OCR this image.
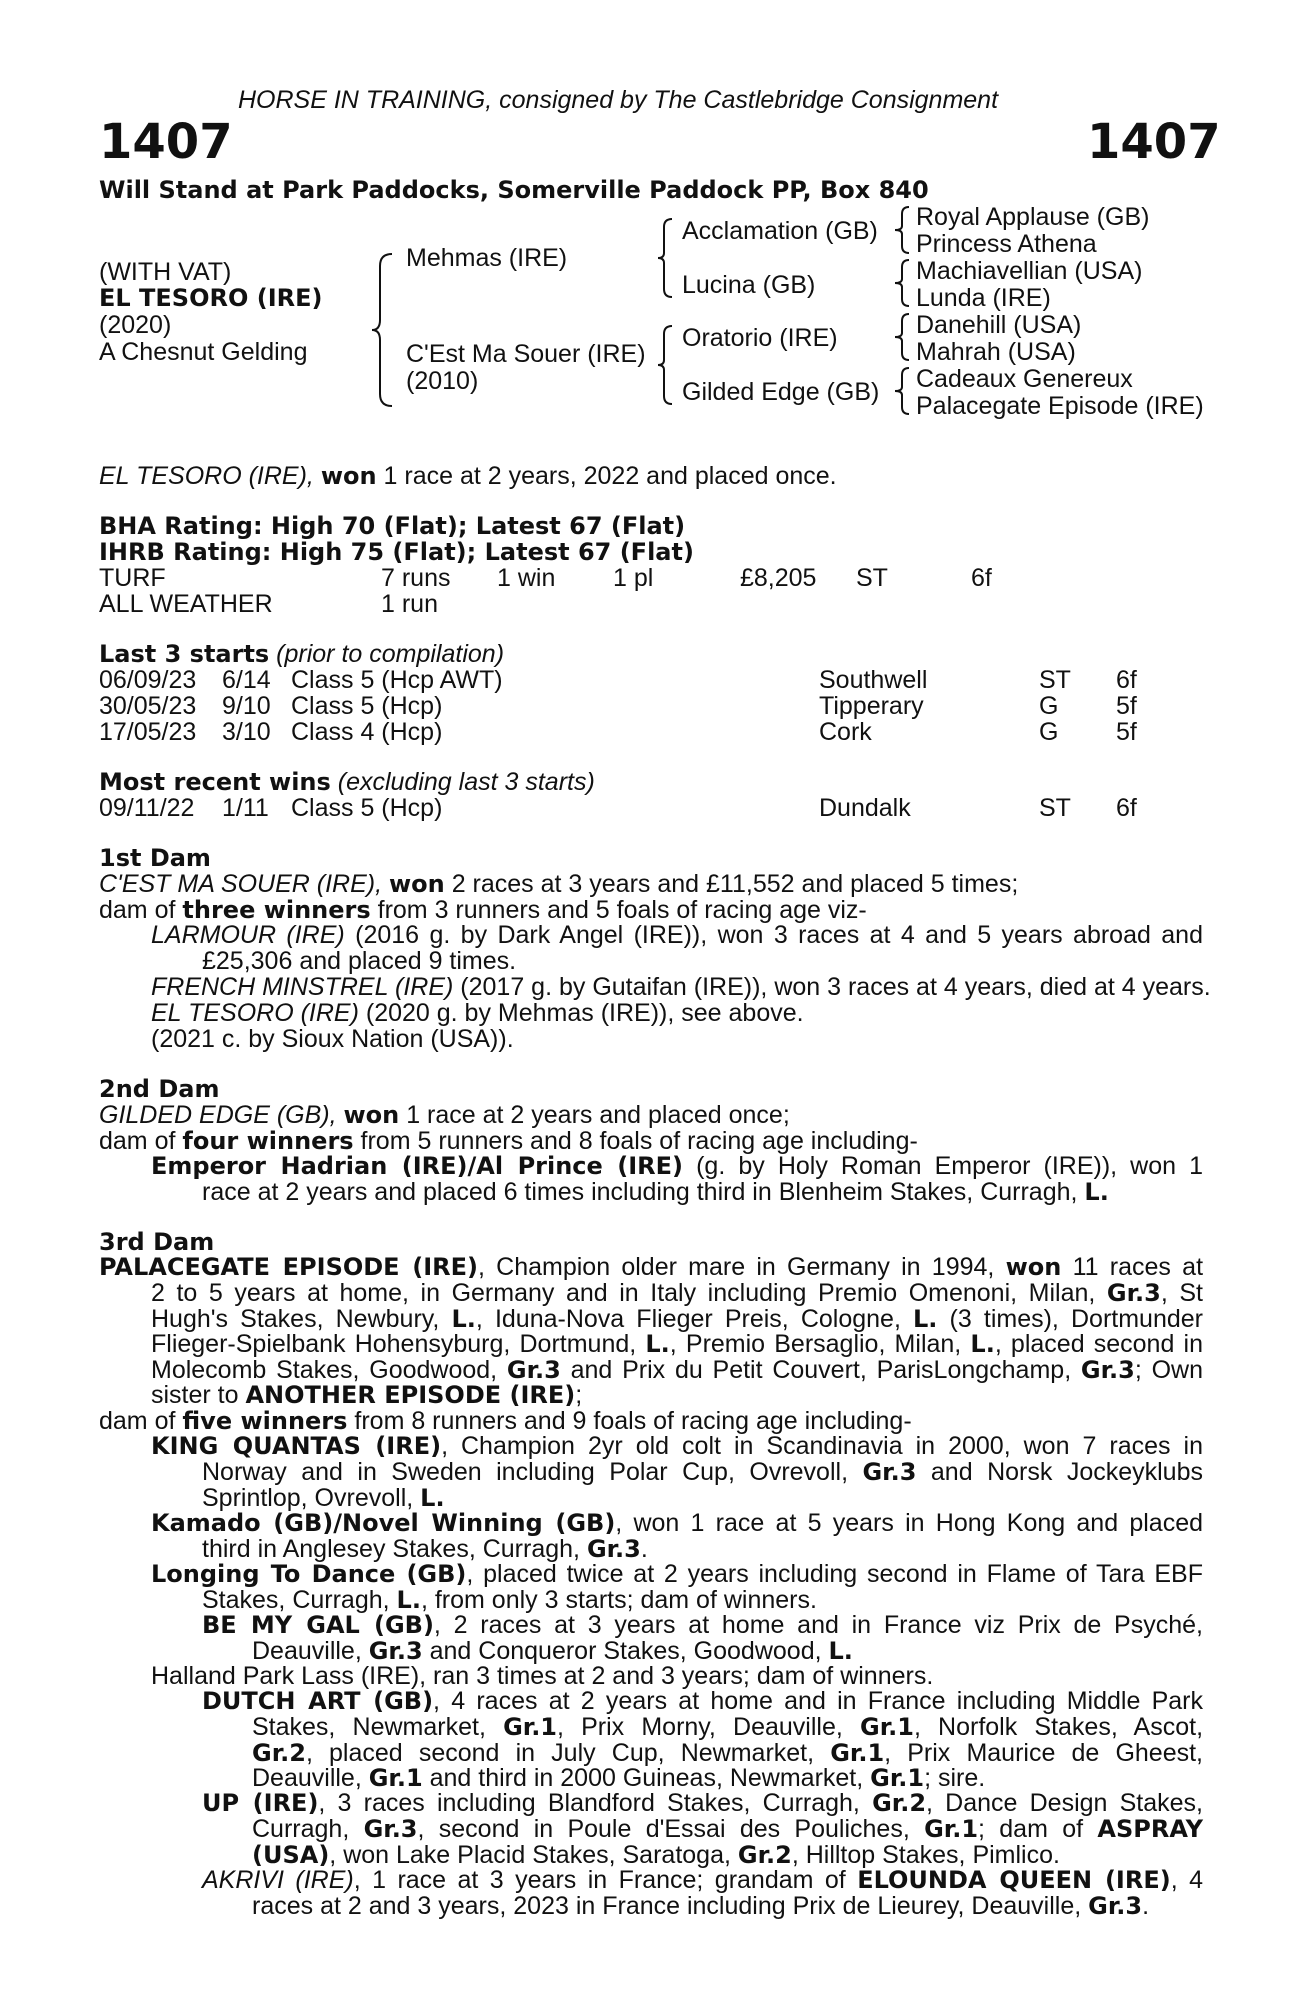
HORSE IN TRAINING, consigned by The Castlebridge Consignment
1407	1407
Will Stand at Park Paddocks, Somerville Paddock PP, Box 840
(WITH VAT)
EL TESORO (IRE)
(2020)
A Chesnut Gelding
Mehmas (IRE)
C'Est Ma Souer (IRE)
(2010)
Acclamation (GB)
Lucina (GB)
Oratorio (IRE)
Gilded Edge (GB)
Royal Applause (GB)
Princess Athena
Machiavellian (USA)
Lunda (IRE)
Danehill (USA)
Mahrah (USA)
Cadeaux Genereux
Palacegate Episode (IRE)
EL TESORO (IRE), won 1 race at 2 years, 2022 and placed once.
BHA Rating: High 70 (Flat); Latest 67 (Flat)
IHRB Rating: High 75 (Flat); Latest 67 (Flat)
TURF	7 runs 1 win 1 pl	£8,205 ST	6f
ALL WEATHER	1 run
Last 3 starts (prior to compilation)
06/09/23 6/14 Class 5 (Hcp AWT)	Southwell	ST 6f
30/05/23 9/10 Class 5 (Hcp)	Tipperary	G 5f
17/05/23 3/10 Class 4 (Hcp)	Cork	G 5f
Most recent wins (excluding last 3 starts)
09/11/22 1/11 Class 5 (Hcp)	Dundalk	ST 6f
1st Dam
C'EST MA SOUER (IRE), won 2 races at 3 years and £11,552 and placed 5 times;
dam of three winners from 3 runners and 5 foals of racing age viz-
LARMOUR (IRE) (2016 g. by Dark Angel (IRE)), won 3 races at 4 and 5 years abroad and
£25,306 and placed 9 times.
FRENCH MINSTREL (IRE) (2017 g. by Gutaifan (IRE)), won 3 races at 4 years, died at 4 years.
EL TESORO (IRE) (2020 g. by Mehmas (IRE)), see above.
(2021 c. by Sioux Nation (USA)).
2nd Dam
GILDED EDGE (GB), won 1 race at 2 years and placed once;
dam of four winners from 5 runners and 8 foals of racing age including-
Emperor Hadrian (IRE)/Al Prince (IRE) (g. by Holy Roman Emperor (IRE)), won 1
race at 2 years and placed 6 times including third in Blenheim Stakes, Curragh, L.
3rd Dam
PALACEGATE EPISODE (IRE), Champion older mare in Germany in 1994, won 11 races at
2 to 5 years at home, in Germany and in Italy including Premio Omenoni, Milan, Gr.3, St
Hugh's Stakes, Newbury, L., Iduna-Nova Flieger Preis, Cologne, L. (3 times), Dortmunder
Flieger-Spielbank Hohensyburg, Dortmund, L., Premio Bersaglio, Milan, L., placed second in
Molecomb Stakes, Goodwood, Gr.3 and Prix du Petit Couvert, ParisLongchamp, Gr.3; Own
sister to ANOTHER EPISODE (IRE);
dam of five winners from 8 runners and 9 foals of racing age including-
KING QUANTAS (IRE), Champion 2yr old colt in Scandinavia in 2000, won 7 races in
Norway and in Sweden including Polar Cup, Ovrevoll, Gr.3 and Norsk Jockeyklubs
Sprintlop, Ovrevoll, L.
Kamado (GB)/Novel Winning (GB), won 1 race at 5 years in Hong Kong and placed
third in Anglesey Stakes, Curragh, Gr.3.
Longing To Dance (GB), placed twice at 2 years including second in Flame of Tara EBF
Stakes, Curragh, L., from only 3 starts; dam of winners.
BE MY GAL (GB), 2 races at 3 years at home and in France viz Prix de Psyché,
Deauville, Gr.3 and Conqueror Stakes, Goodwood, L.
Halland Park Lass (IRE), ran 3 times at 2 and 3 years; dam of winners.
DUTCH ART (GB), 4 races at 2 years at home and in France including Middle Park
Stakes, Newmarket, Gr.1, Prix Morny, Deauville, Gr.1, Norfolk Stakes, Ascot,
Gr.2, placed second in July Cup, Newmarket, Gr.1, Prix Maurice de Gheest,
Deauville, Gr.1 and third in 2000 Guineas, Newmarket, Gr.1; sire.
UP (IRE), 3 races including Blandford Stakes, Curragh, Gr.2, Dance Design Stakes,
Curragh, Gr.3, second in Poule d'Essai des Pouliches, Gr.1; dam of ASPRAY
(USA), won Lake Placid Stakes, Saratoga, Gr.2, Hilltop Stakes, Pimlico.
AKRIVI (IRE), 1 race at 3 years in France; grandam of ELOUNDA QUEEN (IRE), 4
races at 2 and 3 years, 2023 in France including Prix de Lieurey, Deauville, Gr.3.
